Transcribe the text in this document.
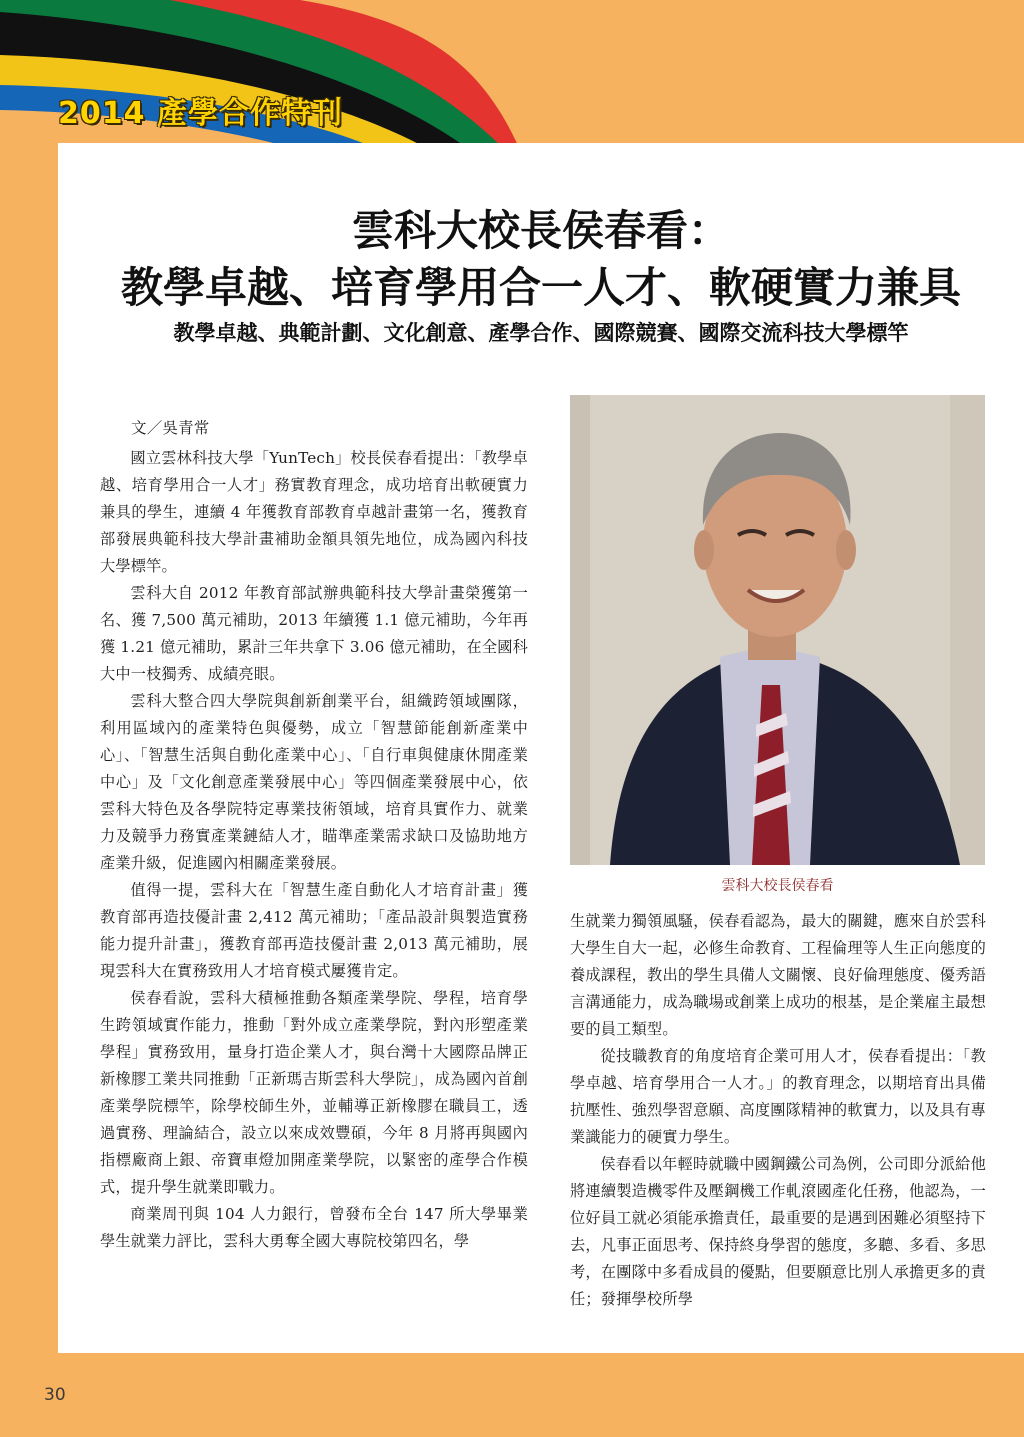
2014 產學合作特刊
雲科大校長侯春看：
教學卓越、培育學用合一人才、軟硬實力兼具
教學卓越、典範計劃、文化創意、產學合作、國際競賽、國際交流科技大學標竿
雲科大校長侯春看

文／吳青常

國立雲林科技大學「YunTech」校長侯春看提出：「教學卓越、培育學用合一人才」務實教育理念，成功培育出軟硬實力兼具的學生，連續 4 年獲教育部教育卓越計畫第一名，獲教育部發展典範科技大學計畫補助金額具領先地位，成為國內科技大學標竿。

雲科大自 2012 年教育部試辦典範科技大學計畫榮獲第一名、獲 7,500 萬元補助，2013 年續獲 1.1 億元補助，今年再獲 1.21 億元補助，累計三年共拿下 3.06 億元補助，在全國科大中一枝獨秀、成績亮眼。

雲科大整合四大學院與創新創業平台，組織跨領域團隊，利用區域內的產業特色與優勢，成立「智慧節能創新產業中心」、「智慧生活與自動化產業中心」、「自行車與健康休閒產業中心」及「文化創意產業發展中心」等四個產業發展中心，依雲科大特色及各學院特定專業技術領域，培育具實作力、就業力及競爭力務實產業鏈結人才，瞄準產業需求缺口及協助地方產業升級，促進國內相關產業發展。

值得一提，雲科大在「智慧生產自動化人才培育計畫」獲教育部再造技優計畫 2,412 萬元補助；「產品設計與製造實務能力提升計畫」，獲教育部再造技優計畫 2,013 萬元補助，展現雲科大在實務致用人才培育模式屢獲肯定。

侯春看說，雲科大積極推動各類產業學院、學程，培育學生跨領域實作能力，推動「對外成立產業學院，對內形塑產業學程」實務致用，量身打造企業人才，與台灣十大國際品牌正新橡膠工業共同推動「正新瑪吉斯雲科大學院」，成為國內首創產業學院標竿，除學校師生外，並輔導正新橡膠在職員工，透過實務、理論結合，設立以來成效豐碩，今年 8 月將再與國內指標廠商上銀、帝寶車燈加開產業學院，以緊密的產學合作模式，提升學生就業即戰力。

商業周刊與 104 人力銀行，曾發布全台 147 所大學畢業學生就業力評比，雲科大勇奪全國大專院校第四名，學

生就業力獨領風騷，侯春看認為，最大的關鍵，應來自於雲科大學生自大一起，必修生命教育、工程倫理等人生正向態度的養成課程，教出的學生具備人文關懷、良好倫理態度、優秀語言溝通能力，成為職場或創業上成功的根基，是企業雇主最想要的員工類型。

從技職教育的角度培育企業可用人才，侯春看提出：「教學卓越、培育學用合一人才。」的教育理念，以期培育出具備抗壓性、強烈學習意願、高度團隊精神的軟實力，以及具有專業識能力的硬實力學生。

侯春看以年輕時就職中國鋼鐵公司為例，公司即分派給他將連續製造機零件及壓鋼機工作軋滾國產化任務，他認為，一位好員工就必須能承擔責任，最重要的是遇到困難必須堅持下去，凡事正面思考、保持終身學習的態度，多聽、多看、多思考，在團隊中多看成員的優點，但要願意比別人承擔更多的責任；發揮學校所學

30
